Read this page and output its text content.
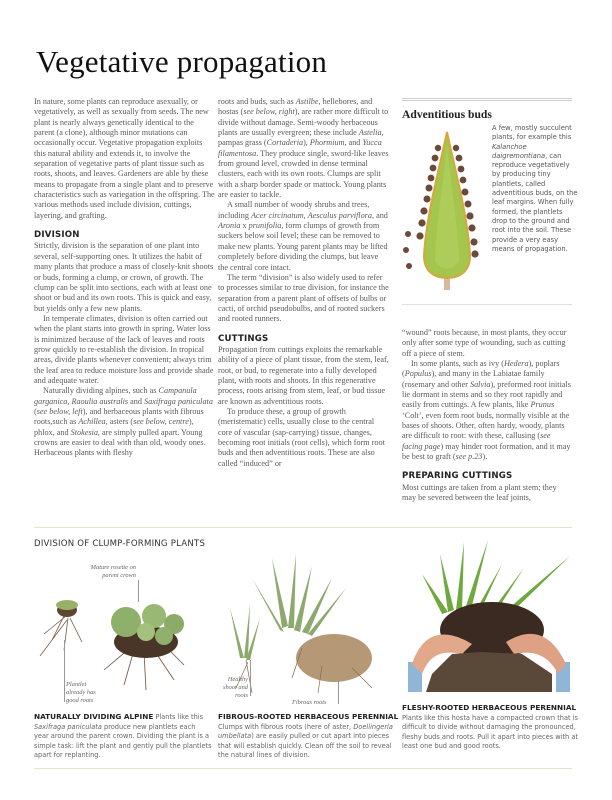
Vegetative propagation

In nature, some plants can reproduce asexually, or vegetatively, as well as sexually from seeds. The new plant is nearly always genetically identical to the parent (a clone), although minor mutations can occasionally occur. Vegetative propagation exploits this natural ability and extends it, to involve the separation of vegetative parts of plant tissue such as roots, shoots, and leaves. Gardeners are able by these means to propagate from a single plant and to preserve characteristics such as variegation in the offspring. The various methods used include division, cuttings, layering, and grafting.

DIVISION

Strictly, division is the separation of one plant into several, self-supporting ones. It utilizes the habit of many plants that produce a mass of closely-knit shoots or buds, forming a clump, or crown, of growth. The clump can be split into sections, each with at least one shoot or bud and its own roots. This is quick and easy, but yields only a few new plants.

In temperate climates, division is often carried out when the plant starts into growth in spring. Water loss is minimized because of the lack of leaves and roots grow quickly to re-establish the division. In tropical areas, divide plants whenever convenient; always trim the leaf area to reduce moisture loss and provide shade and adequate water.

Naturally dividing alpines, such as Campanula garganica, Raoulia australis and Saxifraga paniculata (see below, left), and herbaceous plants with fibrous roots,such as Achillea, asters (see below, centre), phlox, and Stokesia, are simply pulled apart. Young crowns are easier to deal with than old, woody ones. Herbaceous plants with fleshy

roots and buds, such as Astilbe, hellebores, and hostas (see below, right), are rather more difficult to divide without damage. Semi-woody herbaceous plants are usually evergreen; these include Astelia, pampas grass (Cortaderia), Phormium, and Yucca filamentosa. They produce single, sword-like leaves from ground level, crowded in dense terminal clusters, each with its own roots. Clumps are split with a sharp border spade or mattock. Young plants are easier to tackle.

A small number of woody shrubs and trees, including Acer circinatum, Aesculus parviflora, and Aronia x prunifolia, form clumps of growth from suckers below soil level; these can be removed to make new plants. Young parent plants may be lifted completely before dividing the clumps, but leave the central core intact.

The term “division” is also widely used to refer to processes similar to true division, for instance the separation from a parent plant of offsets of bulbs or cacti, of orchid pseudobulbs, and of rooted suckers and rooted runners.

CUTTINGS

Propagation from cuttings exploits the remarkable ability of a piece of plant tissue, from the stem, leaf, root, or bud, to regenerate into a fully developed plant, with roots and shoots. In this regenerative process, roots arising from stem, leaf, or bud tissue are known as adventitious roots.

To produce these, a group of growth (meristematic) cells, usually close to the central core of vascular (sap-carrying) tissue, changes, becoming root initials (root cells), which form root buds and then adventitious roots. These are also called “induced” or

Adventitious buds
A few, mostly succulent plants, for example this Kalanchoe daigremontiana, can reproduce vegetatively by producing tiny plantlets, called adventitious buds, on the leaf margins. When fully formed, the plantlets drop to the ground and root into the soil. These provide a very easy means of propagation.

“wound” roots because, in most plants, they occur only after some type of wounding, such as cutting off a piece of stem.

In some plants, such as ivy (Hedera), poplars (Populus), and many in the Labiatae family (rosemary and other Salvia), preformed root initials lie dormant in stems and so they root rapidly and easily from cuttings. A few plants, like Prunus ‘Colt’, even form root buds, normally visible at the bases of shoots. Other, often hardy, woody, plants are difficult to root: with these, callusing (see facing page) may hinder root formation, and it may be best to graft (see p.23).

PREPARING CUTTINGS

Most cuttings are taken from a plant stem; they may be severed between the leaf joints,

DIVISION OF CLUMP-FORMING PLANTS
Mature rosette on parent crown
Plantlet already has good roots
Healthy shoot and roots
Fibrous roots
NATURALLY DIVIDING ALPINE Plants like this Saxifraga paniculata produce new plantlets each year around the parent crown. Dividing the plant is a simple task: lift the plant and gently pull the plantlets apart for replanting.
FIBROUS-ROOTED HERBACEOUS PERENNIAL
Clumps with fibrous roots (here of aster, Doellingeria umbellata) are easily pulled or cut apart into pieces that will establish quickly. Clean off the soil to reveal the natural lines of division.
FLESHY-ROOTED HERBACEOUS PERENNIAL
Plants like this hosta have a compacted crown that is difficult to divide without damaging the pronounced, fleshy buds and roots. Pull it apart into pieces with at least one bud and good roots.
